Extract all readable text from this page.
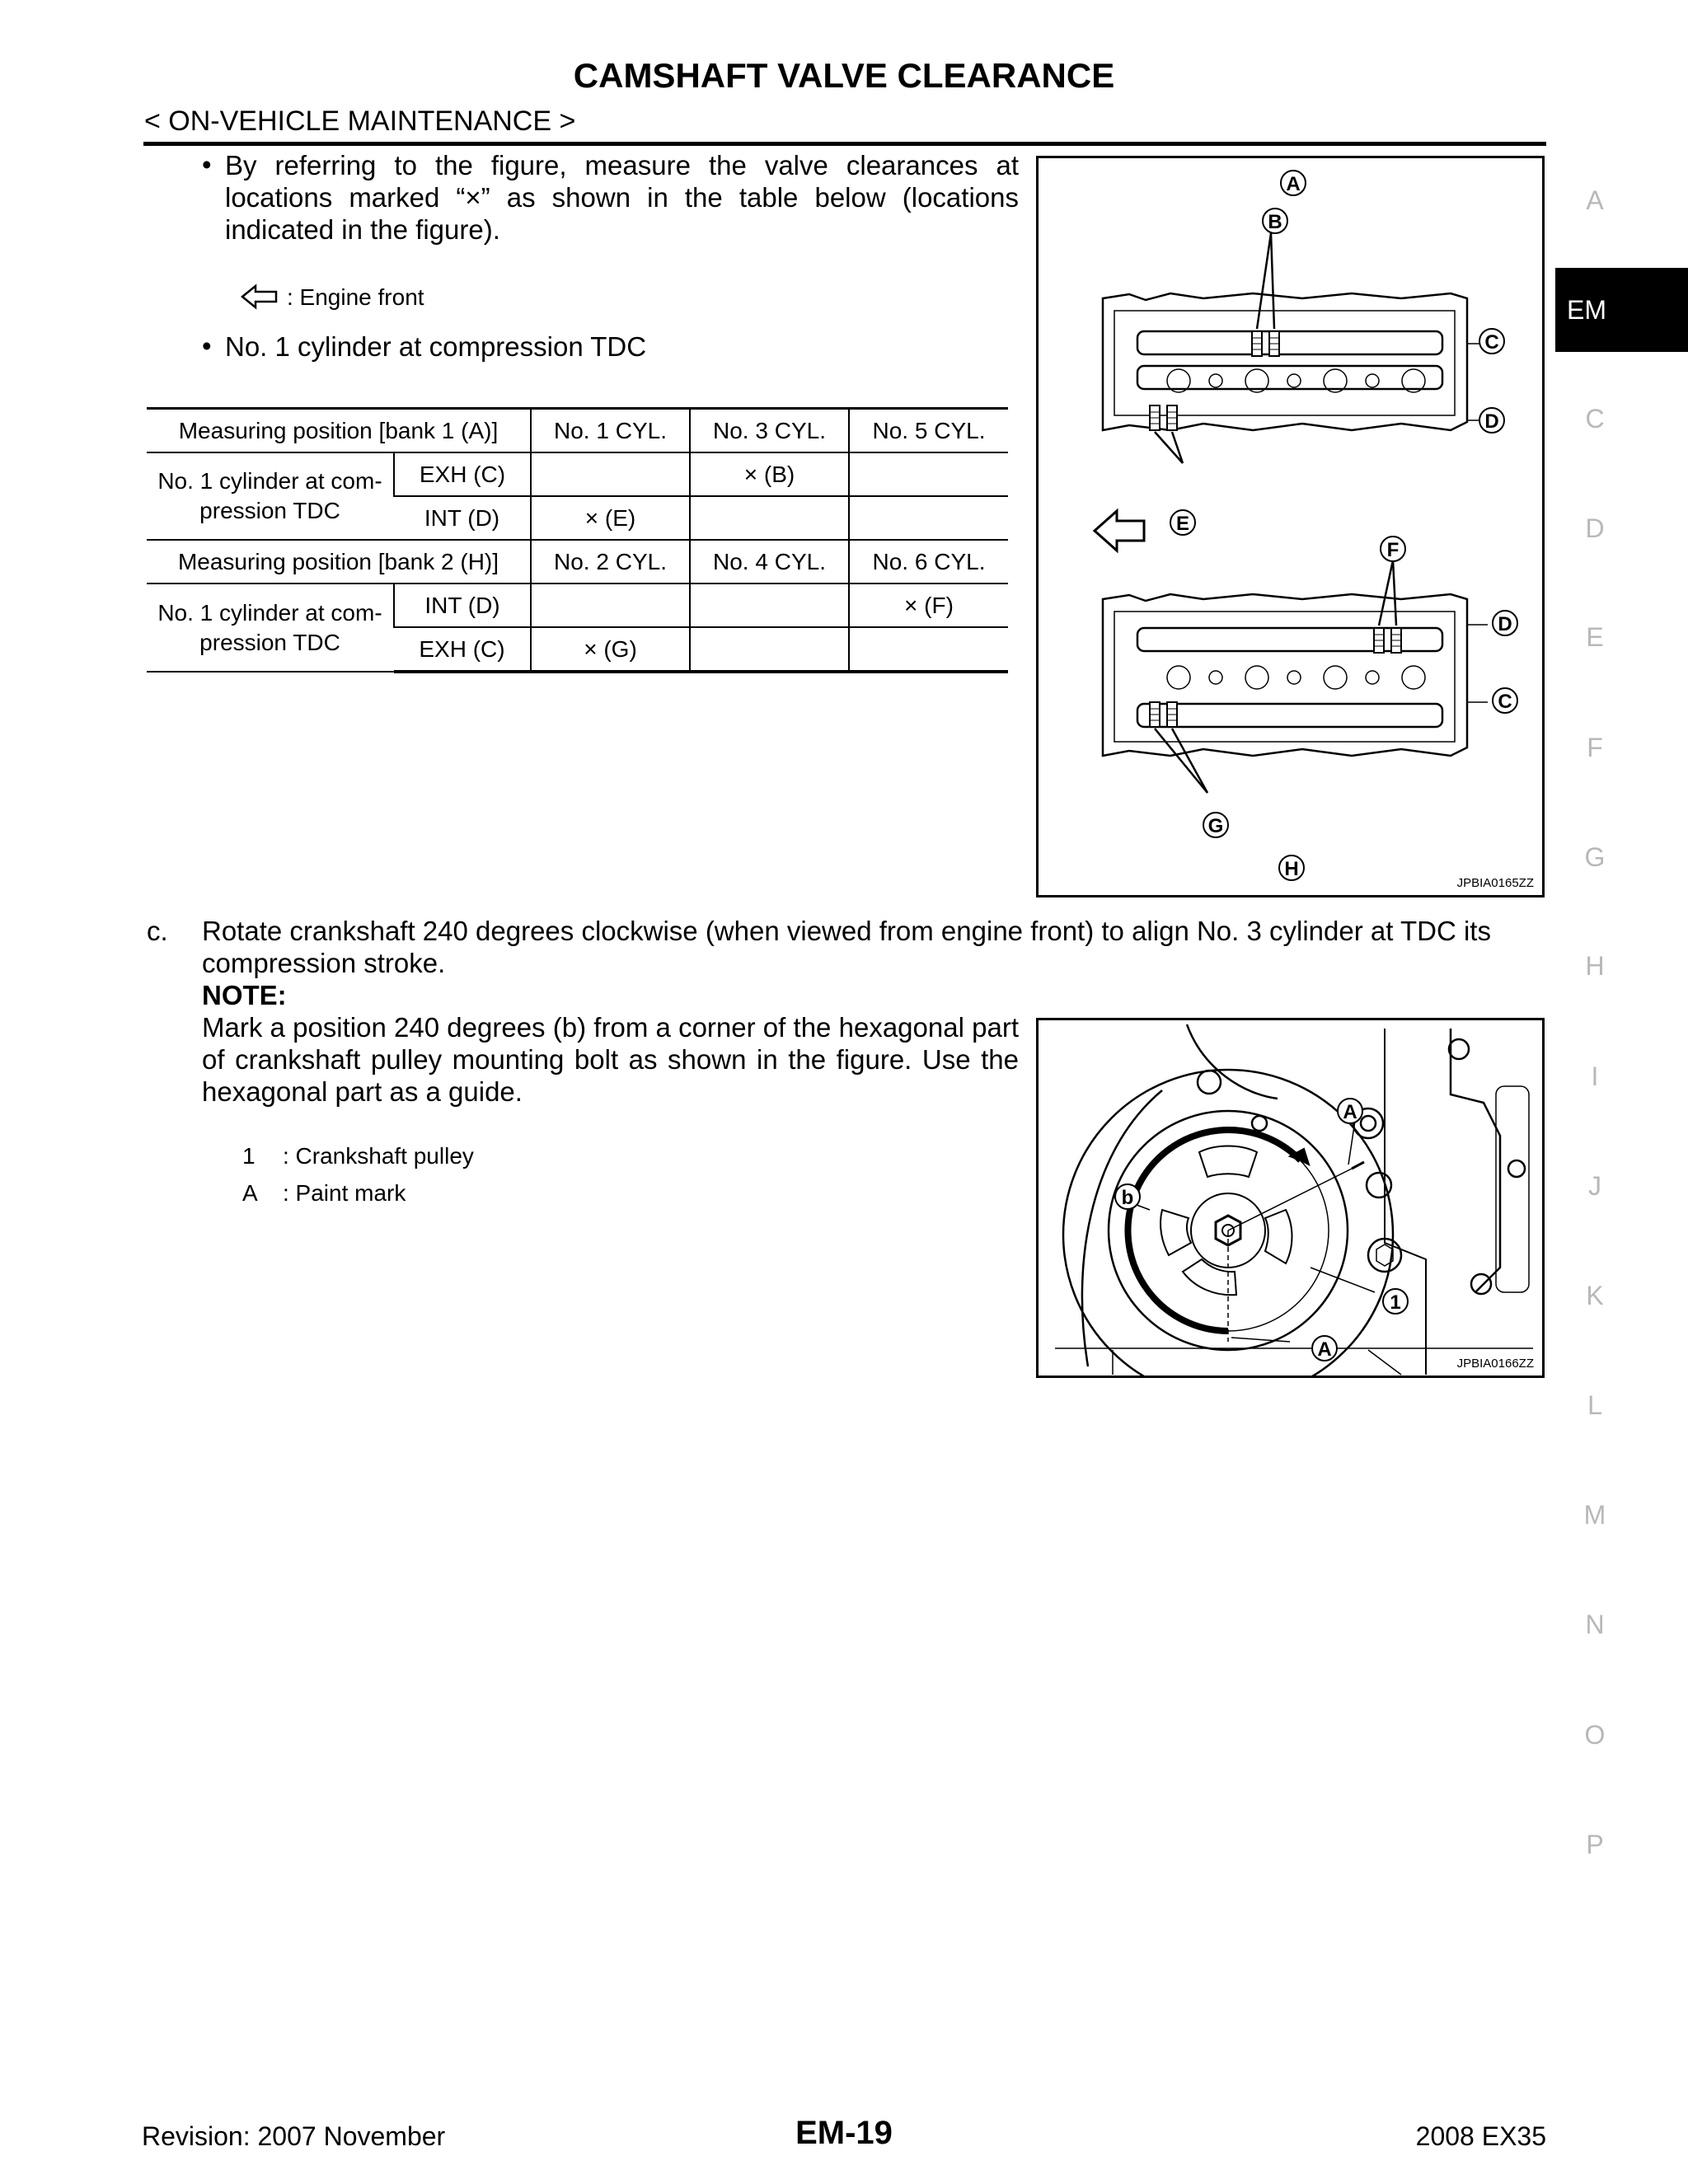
CAMSHAFT VALVE CLEARANCE
< ON-VEHICLE MAINTENANCE >
• By referring to the figure, measure the valve clearances at locations marked “×” as shown in the table below (locations indicated in the figure).
: Engine front
• No. 1 cylinder at compression TDC
Measuring position [bank 1 (A)]		No. 1 CYL.	No. 3 CYL.	No. 5 CYL.
No. 1 cylinder at com-pression TDC	EXH (C)		× (B)	
	INT (D)	× (E)		
Measuring position [bank 2 (H)]		No. 2 CYL.	No. 4 CYL.	No. 6 CYL.
No. 1 cylinder at com-pression TDC	INT (D)			× (F)
	EXH (C)	× (G)		
A
B
C
D
E
F
D
C
G
H
JPBIA0165ZZ
c. Rotate crankshaft 240 degrees clockwise (when viewed from engine front) to align No. 3 cylinder at TDC its compression stroke.
NOTE:
Mark a position 240 degrees (b) from a corner of the hexagonal part of crankshaft pulley mounting bolt as shown in the figure. Use the hexagonal part as a guide.
1 : Crankshaft pulley
A : Paint mark
A
b
1
A
JPBIA0166ZZ
A
EM
C
D
E
F
G
H
I
J
K
L
M
N
O
P
Revision: 2007 November	EM-19	2008 EX35
